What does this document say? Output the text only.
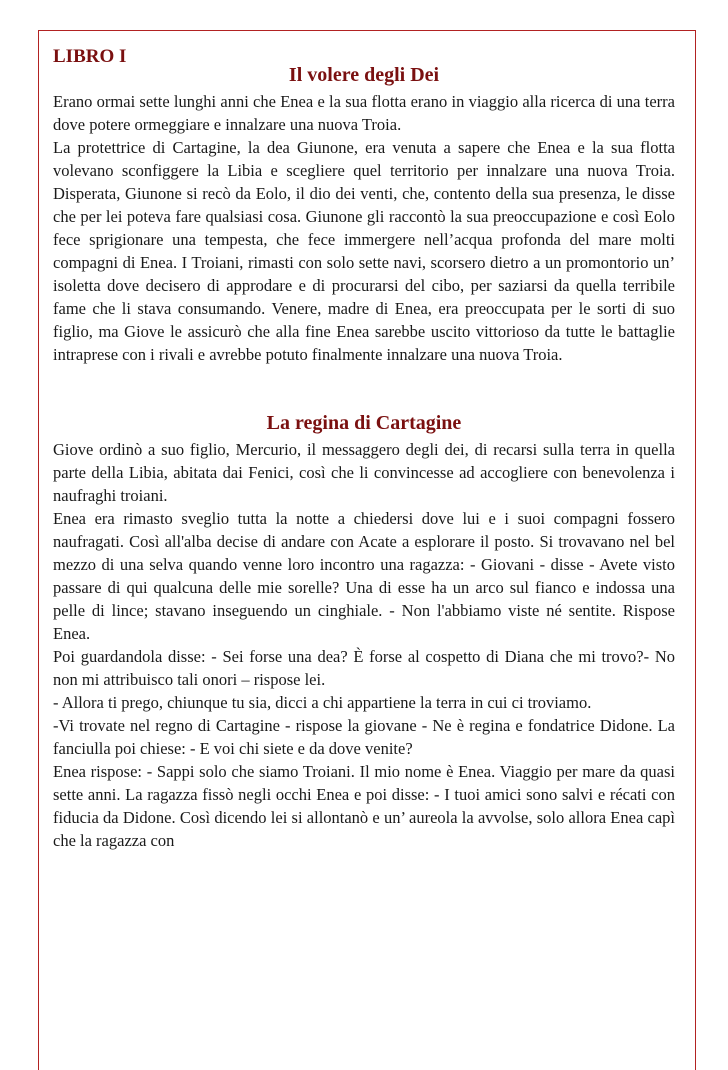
LIBRO I
Il volere degli Dei

Erano ormai sette lunghi anni che Enea e la sua flotta erano in viaggio alla ricerca di una terra dove potere ormeggiare e innalzare una nuova Troia.

La protettrice di Cartagine, la dea Giunone, era venuta a sapere che Enea e la sua flotta volevano sconfiggere la Libia e scegliere quel territorio per innalzare una nuova Troia. Disperata, Giunone si recò da Eolo, il dio dei venti, che, contento della sua presenza, le disse che per lei poteva fare qualsiasi cosa. Giunone gli raccontò la sua preoccupazione e così Eolo fece sprigionare una tempesta, che fece immergere nell’acqua profonda del mare molti compagni di Enea. I Troiani, rimasti con solo sette navi, scorsero dietro a un promontorio un’ isoletta dove decisero di approdare e di procurarsi del cibo, per saziarsi da quella terribile fame che li stava consumando. Venere, madre di Enea, era preoccupata per le sorti di suo figlio, ma Giove le assicurò che alla fine Enea sarebbe uscito vittorioso da tutte le battaglie intraprese con i rivali e avrebbe potuto finalmente innalzare una nuova Troia.

La regina di Cartagine

Giove ordinò a suo figlio, Mercurio, il messaggero degli dei, di recarsi sulla terra in quella parte della Libia, abitata dai Fenici, così che li convincesse ad accogliere con benevolenza i naufraghi troiani.

Enea era rimasto sveglio tutta la notte a chiedersi dove lui e i suoi compagni fossero naufragati. Così all'alba decise di andare con Acate a esplorare il posto. Si trovavano nel bel mezzo di una selva quando venne loro incontro una ragazza: - Giovani - disse - Avete visto passare di qui qualcuna delle mie sorelle? Una di esse ha un arco sul fianco e indossa una pelle di lince; stavano inseguendo un cinghiale. - Non l'abbiamo viste né sentite. Rispose Enea.

Poi guardandola disse: - Sei forse una dea? È forse al cospetto di Diana che mi trovo?- No non mi attribuisco tali onori – rispose lei.

- Allora ti prego, chiunque tu sia, dicci a chi appartiene la terra in cui ci troviamo.

-Vi trovate nel regno di Cartagine - rispose la giovane - Ne è regina e fondatrice Didone. La fanciulla poi chiese: - E voi chi siete e da dove venite?

Enea rispose: - Sappi solo che siamo Troiani. Il mio nome è Enea. Viaggio per mare da quasi sette anni. La ragazza fissò negli occhi Enea e poi disse: - I tuoi amici sono salvi e récati con fiducia da Didone. Così dicendo lei si allontanò e un’ aureola la avvolse, solo allora Enea capì che la ragazza con
